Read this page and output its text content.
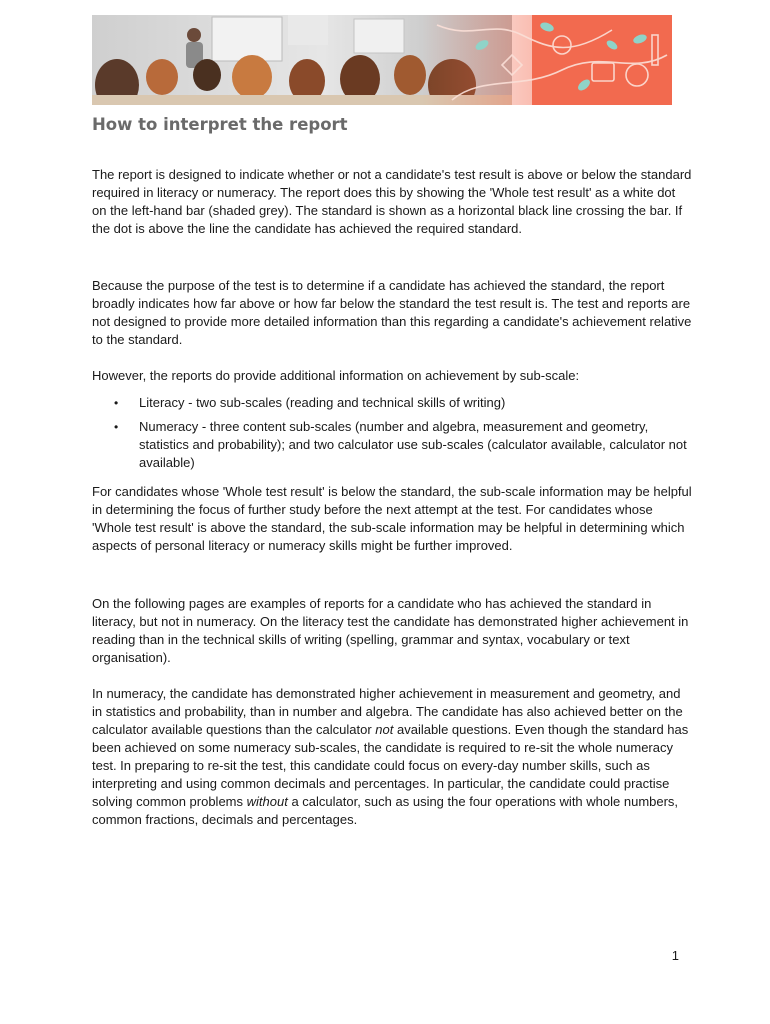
How to interpret the report

The report is designed to indicate whether or not a candidate's test result is above or below the standard required in literacy or numeracy. The report does this by showing the 'Whole test result' as a white dot on the left-hand bar (shaded grey). The standard is shown as a horizontal black line crossing the bar. If the dot is above the line the candidate has achieved the required standard.

Because the purpose of the test is to determine if a candidate has achieved the standard, the report broadly indicates how far above or how far below the standard the test result is. The test and reports are not designed to provide more detailed information than this regarding a candidate's achievement relative to the standard.

However, the reports do provide additional information on achievement by sub-scale:

• Literacy - two sub-scales (reading and technical skills of writing)
• Numeracy - three content sub-scales (number and algebra, measurement and geometry, statistics and probability); and two calculator use sub-scales (calculator available, calculator not available)

For candidates whose 'Whole test result' is below the standard, the sub-scale information may be helpful in determining the focus of further study before the next attempt at the test. For candidates whose 'Whole test result' is above the standard, the sub-scale information may be helpful in determining which aspects of personal literacy or numeracy skills might be further improved.

On the following pages are examples of reports for a candidate who has achieved the standard in literacy, but not in numeracy. On the literacy test the candidate has demonstrated higher achievement in reading than in the technical skills of writing (spelling, grammar and syntax, vocabulary or text organisation).

In numeracy, the candidate has demonstrated higher achievement in measurement and geometry, and in statistics and probability, than in number and algebra. The candidate has also achieved better on the calculator available questions than the calculator not available questions. Even though the standard has been achieved on some numeracy sub-scales, the candidate is required to re-sit the whole numeracy test. In preparing to re-sit the test, this candidate could focus on every-day number skills, such as interpreting and using common decimals and percentages. In particular, the candidate could practise solving common problems without a calculator, such as using the four operations with whole numbers, common fractions, decimals and percentages.

1
